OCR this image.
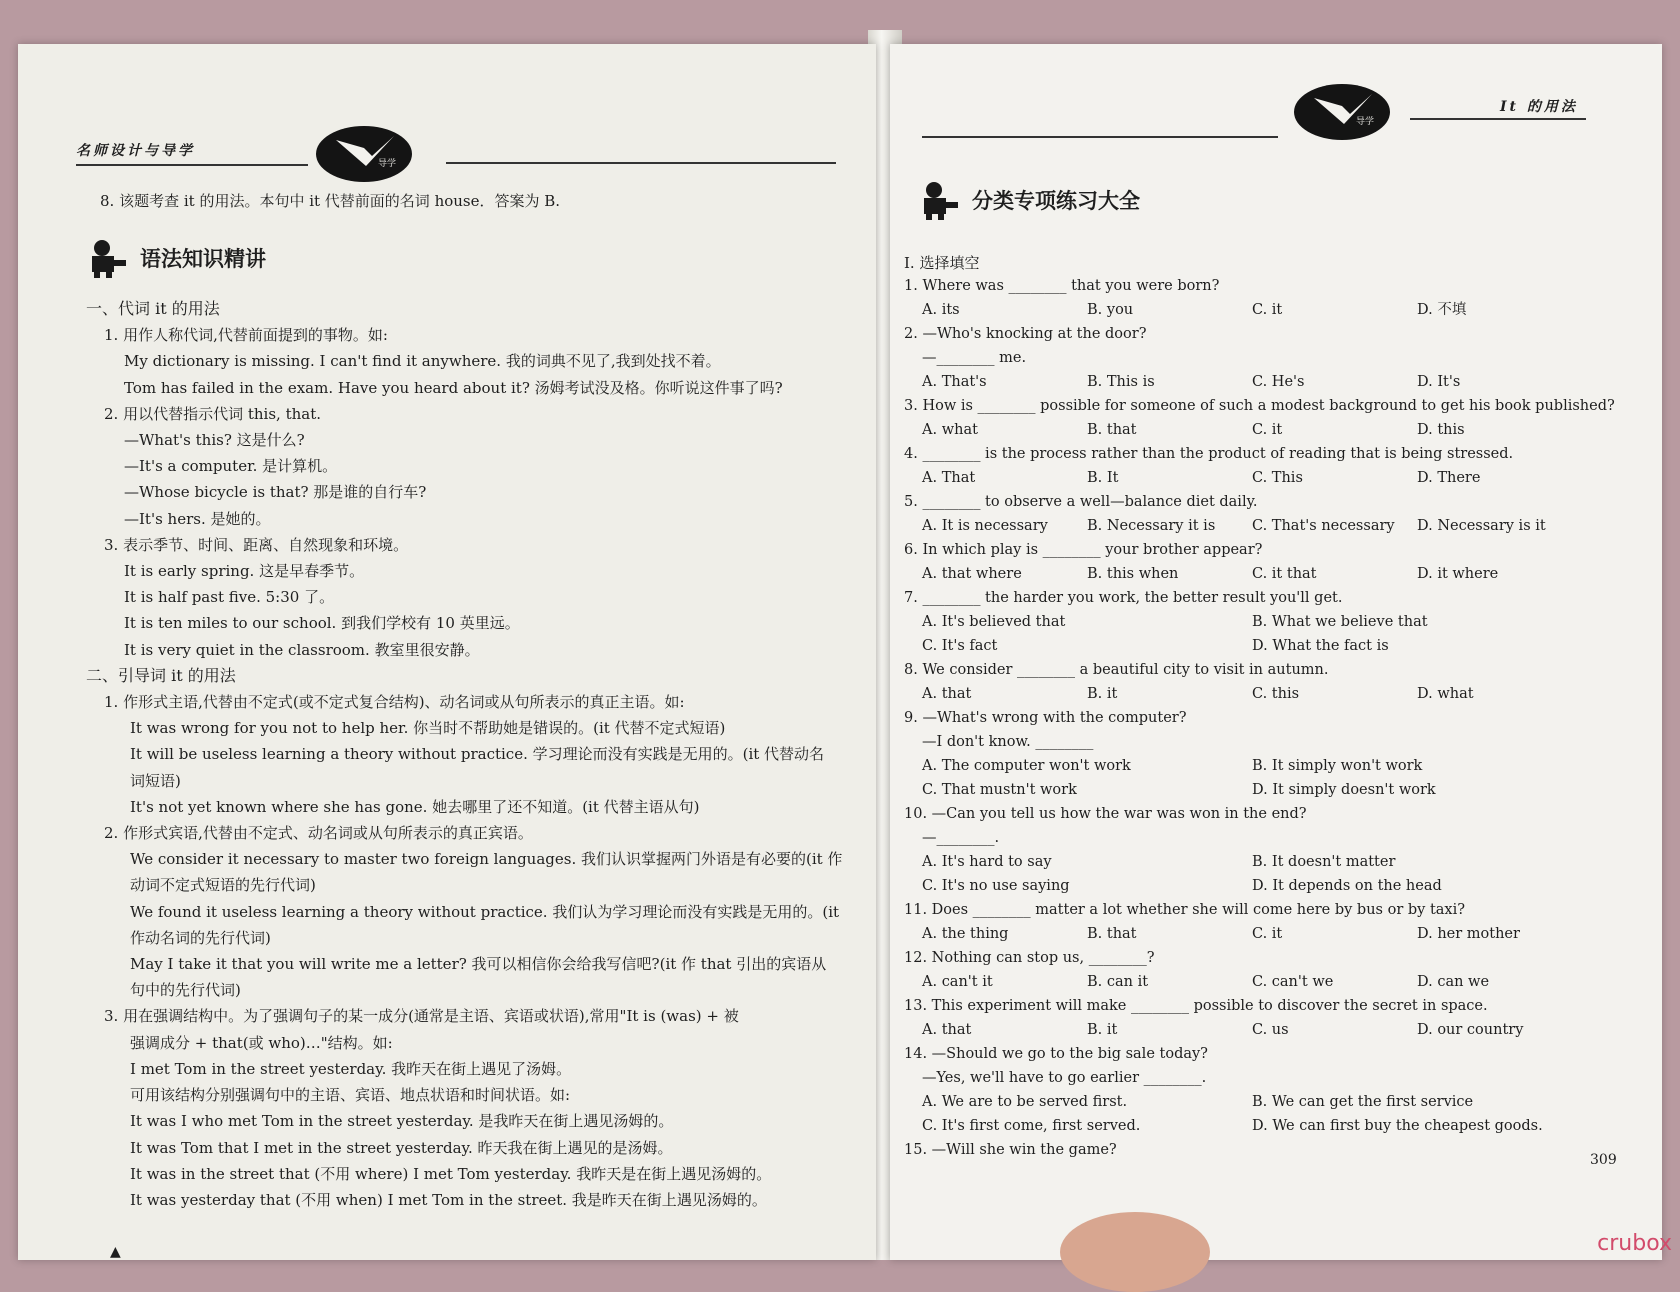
名师设计与导学
导学
8. 该题考查 it 的用法。本句中 it 代替前面的名词 house．答案为 B.
语法知识精讲
一、代词 it 的用法
1. 用作人称代词,代替前面提到的事物。如:
My dictionary is missing. I can't find it anywhere. 我的词典不见了,我到处找不着。
Tom has failed in the exam. Have you heard about it? 汤姆考试没及格。你听说这件事了吗?
2. 用以代替指示代词 this, that.
—What's this? 这是什么?
—It's a computer. 是计算机。
—Whose bicycle is that? 那是谁的自行车?
—It's hers. 是她的。
3. 表示季节、时间、距离、自然现象和环境。
It is early spring. 这是早春季节。
It is half past five. 5:30 了。
It is ten miles to our school. 到我们学校有 10 英里远。
It is very quiet in the classroom. 教室里很安静。
二、引导词 it 的用法
1. 作形式主语,代替由不定式(或不定式复合结构)、动名词或从句所表示的真正主语。如:
It was wrong for you not to help her. 你当时不帮助她是错误的。(it 代替不定式短语)
It will be useless learning a theory without practice. 学习理论而没有实践是无用的。(it 代替动名
词短语)
It's not yet known where she has gone. 她去哪里了还不知道。(it 代替主语从句)
2. 作形式宾语,代替由不定式、动名词或从句所表示的真正宾语。
We consider it necessary to master two foreign languages. 我们认识掌握两门外语是有必要的(it 作
动词不定式短语的先行代词)
We found it useless learning a theory without practice. 我们认为学习理论而没有实践是无用的。(it
作动名词的先行代词)
May I take it that you will write me a letter? 我可以相信你会给我写信吧?(it 作 that 引出的宾语从
句中的先行代词)
3. 用在强调结构中。为了强调句子的某一成分(通常是主语、宾语或状语),常用"It is (was) + 被
强调成分 + that(或 who)…"结构。如:
I met Tom in the street yesterday. 我昨天在街上遇见了汤姆。
可用该结构分别强调句中的主语、宾语、地点状语和时间状语。如:
It was I who met Tom in the street yesterday. 是我昨天在街上遇见汤姆的。
It was Tom that I met in the street yesterday. 昨天我在街上遇见的是汤姆。
It was in the street that (不用 where) I met Tom yesterday. 我昨天是在街上遇见汤姆的。
It was yesterday that (不用 when) I met Tom in the street. 我是昨天在街上遇见汤姆的。
▲
导学
It 的用法
分类专项练习大全
I. 选择填空
1. Where was ________ that you were born?
A. its	B. you	C. it	D. 不填
2. —Who's knocking at the door?
—________ me.
A. That's	B. This is	C. He's	D. It's
3. How is ________ possible for someone of such a modest background to get his book published?
A. what	B. that	C. it	D. this
4. ________ is the process rather than the product of reading that is being stressed.
A. That	B. It	C. This	D. There
5. ________ to observe a well—balance diet daily.
A. It is necessary	B. Necessary it is	C. That's necessary	D. Necessary is it
6. In which play is ________ your brother appear?
A. that where	B. this when	C. it that	D. it where
7. ________ the harder you work, the better result you'll get.
A. It's believed that	B. What we believe that
C. It's fact	D. What the fact is
8. We consider ________ a beautiful city to visit in autumn.
A. that	B. it	C. this	D. what
9. —What's wrong with the computer?
—I don't know. ________
A. The computer won't work	B. It simply won't work
C. That mustn't work	D. It simply doesn't work
10. —Can you tell us how the war was won in the end?
—________.
A. It's hard to say	B. It doesn't matter
C. It's no use saying	D. It depends on the head
11. Does ________ matter a lot whether she will come here by bus or by taxi?
A. the thing	B. that	C. it	D. her mother
12. Nothing can stop us, ________?
A. can't it	B. can it	C. can't we	D. can we
13. This experiment will make ________ possible to discover the secret in space.
A. that	B. it	C. us	D. our country
14. —Should we go to the big sale today?
—Yes, we'll have to go earlier ________.
A. We are to be served first.	B. We can get the first service
C. It's first come, first served.	D. We can first buy the cheapest goods.
15. —Will she win the game?
309
crubox
